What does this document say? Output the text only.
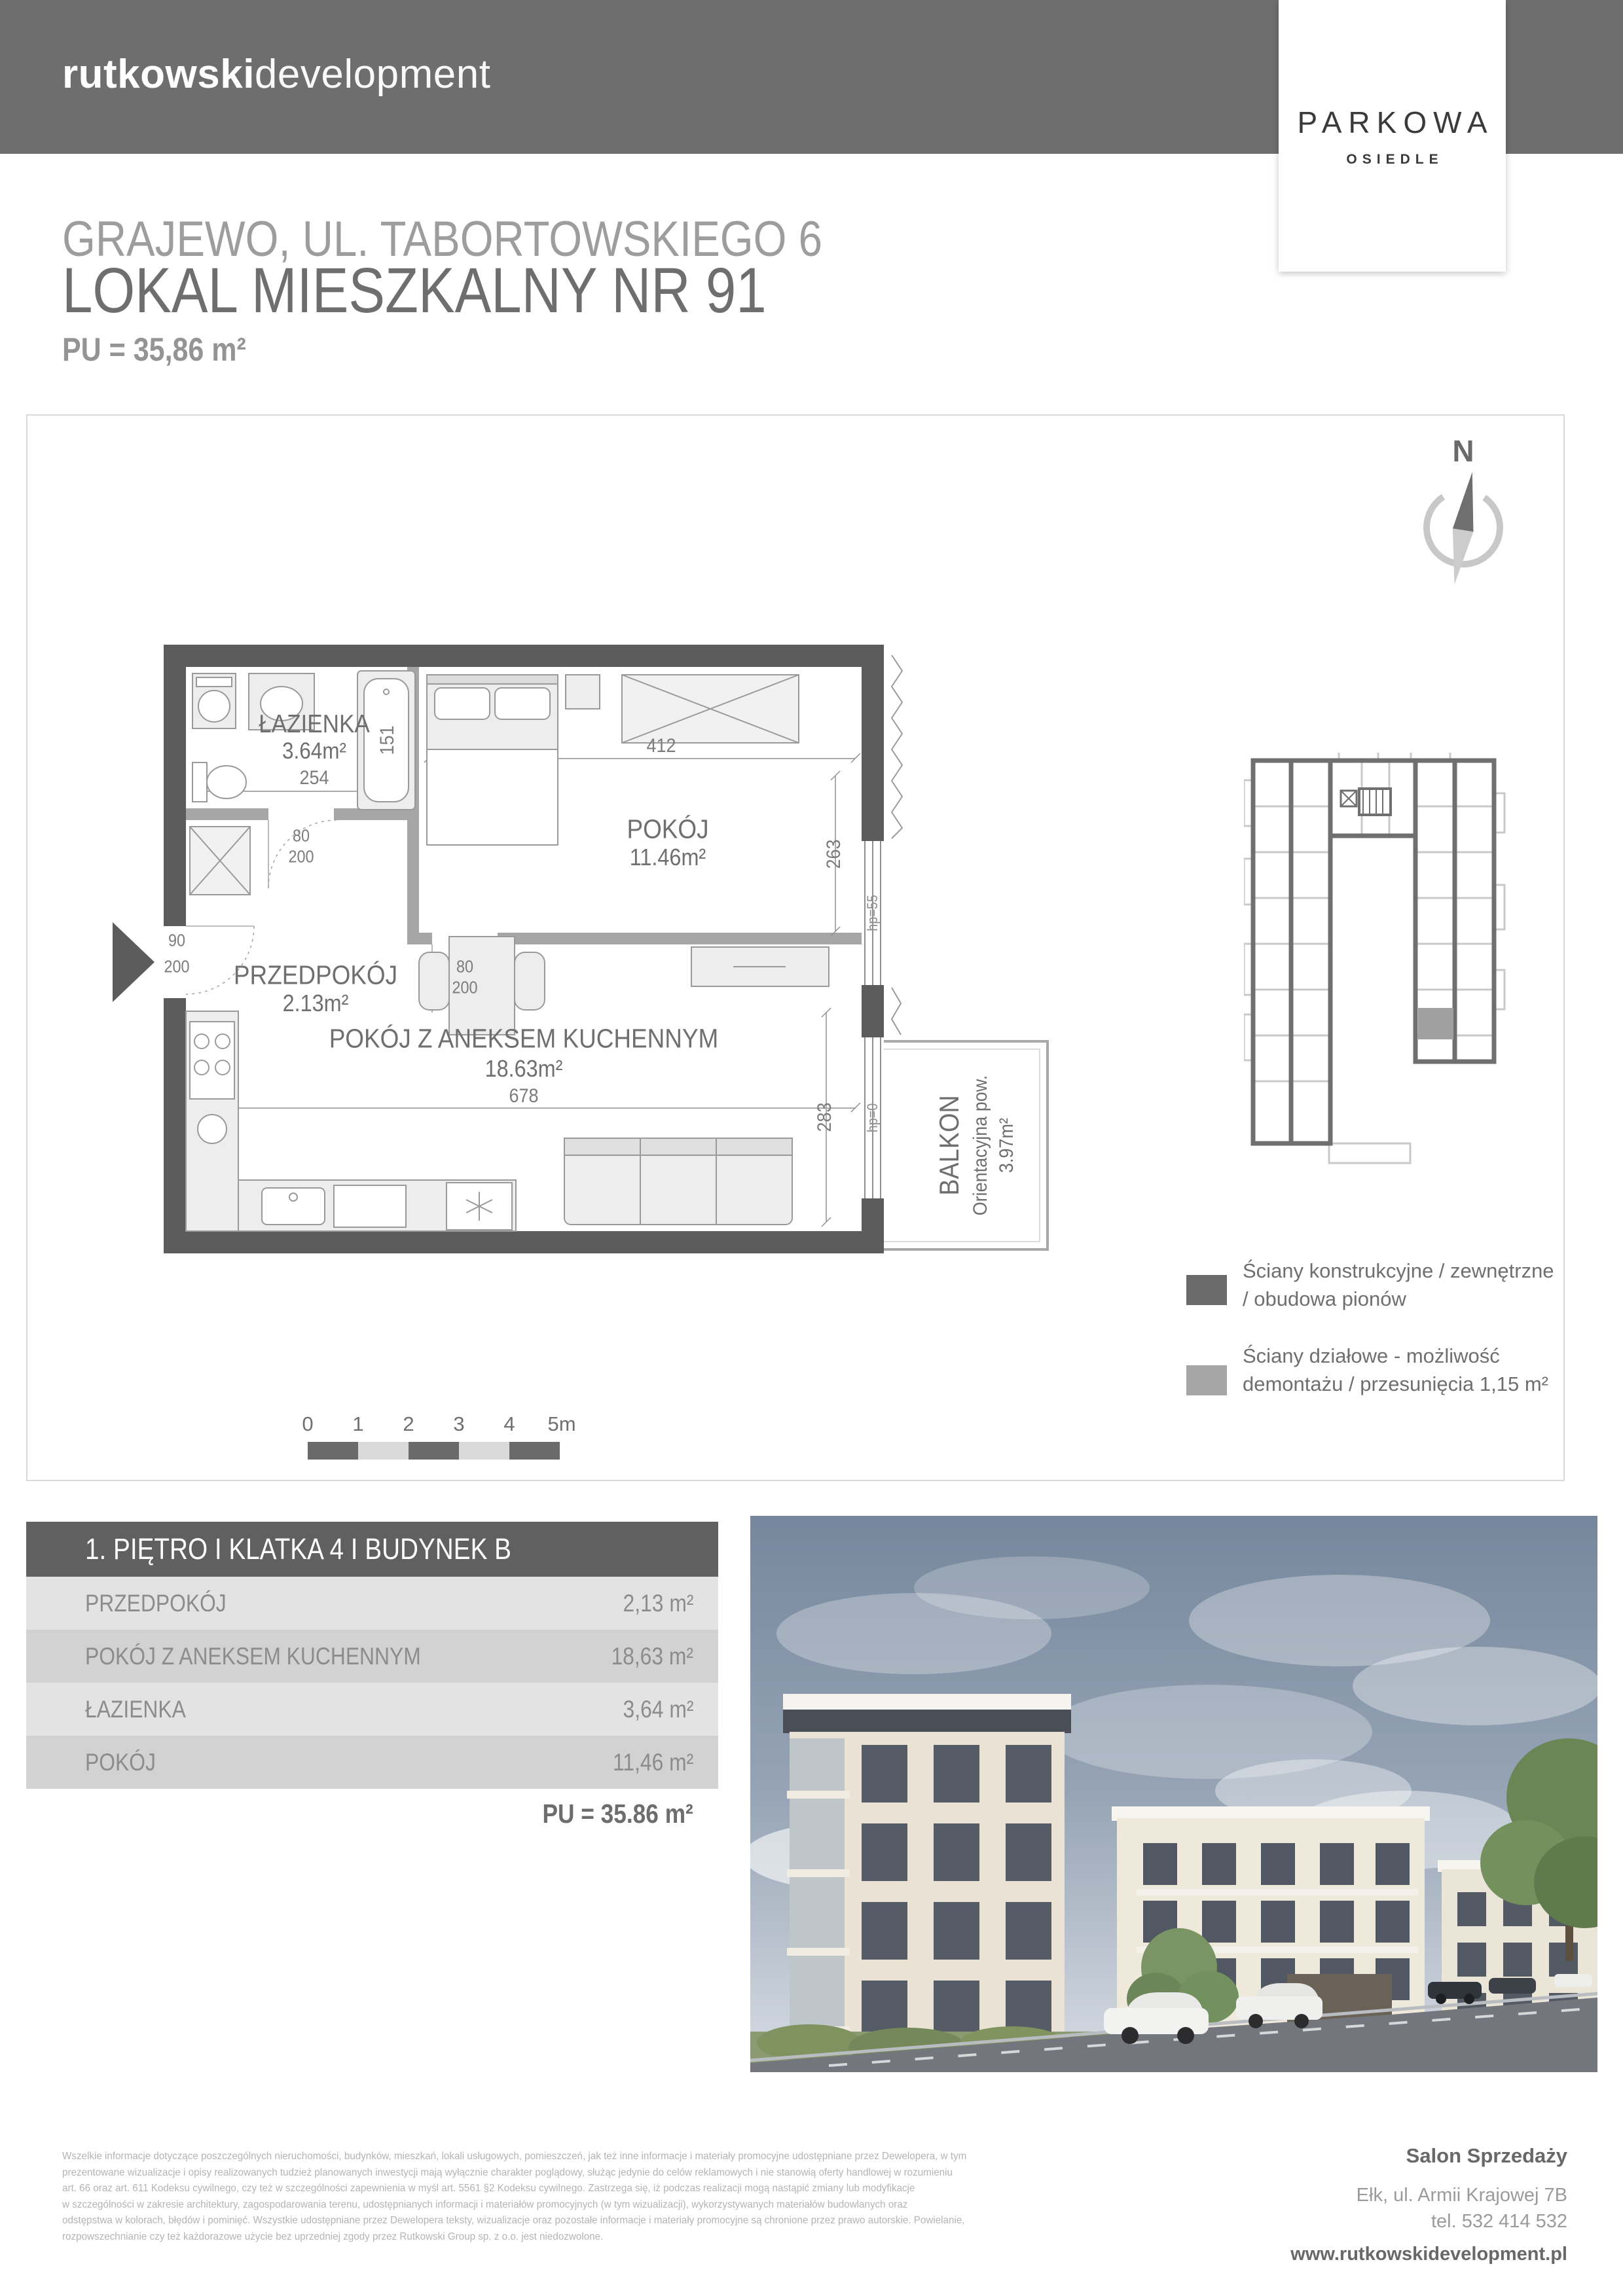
rutkowskidevelopment
PARKOWA
OSIEDLE
GRAJEWO, UL. TABORTOWSKIEGO 6
LOKAL MIESZKALNY NR 91
PU = 35,86 m²
N
ŁAZIENKA
3.64m²
254
151
POKÓJ
11.46m²
412
263
PRZEDPOKÓJ
2.13m²
POKÓJ Z ANEKSEM KUCHENNYM
18.63m²
678
283
hp=55
hp=0
80
200
80
200
90
200
BALKON Orientacyjna pow. 3.97m²
Ściany konstrukcyjne / zewnętrzne / obudowa pionów
Ściany działowe - możliwość demontażu / przesunięcia 1,15 m²
0 1 2 3 4 5m
1. PIĘTRO I KLATKA 4 I BUDYNEK B
PRZEDPOKÓJ	2,13 m²
POKÓJ Z ANEKSEM KUCHENNYM	18,63 m²
ŁAZIENKA	3,64 m²
POKÓJ	11,46 m²
PU = 35.86 m²
Wszelkie informacje dotyczące poszczególnych nieruchomości, budynków, mieszkań, lokali usługowych, pomieszczeń, jak też inne informacje i materiały promocyjne udostępniane przez Dewelopera, w tym
prezentowane wizualizacje i opisy realizowanych tudzież planowanych inwestycji mają wyłącznie charakter poglądowy, służąc jedynie do celów reklamowych i nie stanowią oferty handlowej w rozumieniu
art. 66 oraz art. 611 Kodeksu cywilnego, czy też w szczególności zapewnienia w myśl art. 5561 §2 Kodeksu cywilnego. Zastrzega się, iż podczas realizacji mogą nastąpić zmiany lub modyfikacje
w szczególności w zakresie architektury, zagospodarowania terenu, udostępnianych informacji i materiałów promocyjnych (w tym wizualizacji), wykorzystywanych materiałów budowlanych oraz
odstępstwa w kolorach, błędów i pominięć. Wszystkie udostępniane przez Dewelopera teksty, wizualizacje oraz pozostałe informacje i materiały promocyjne są chronione przez prawo autorskie. Powielanie,
rozpowszechnianie czy też każdorazowe użycie bez uprzedniej zgody przez Rutkowski Group sp. z o.o. jest niedozwolone.
Salon Sprzedaży
Ełk, ul. Armii Krajowej 7B
tel. 532 414 532
www.rutkowskidevelopment.pl
